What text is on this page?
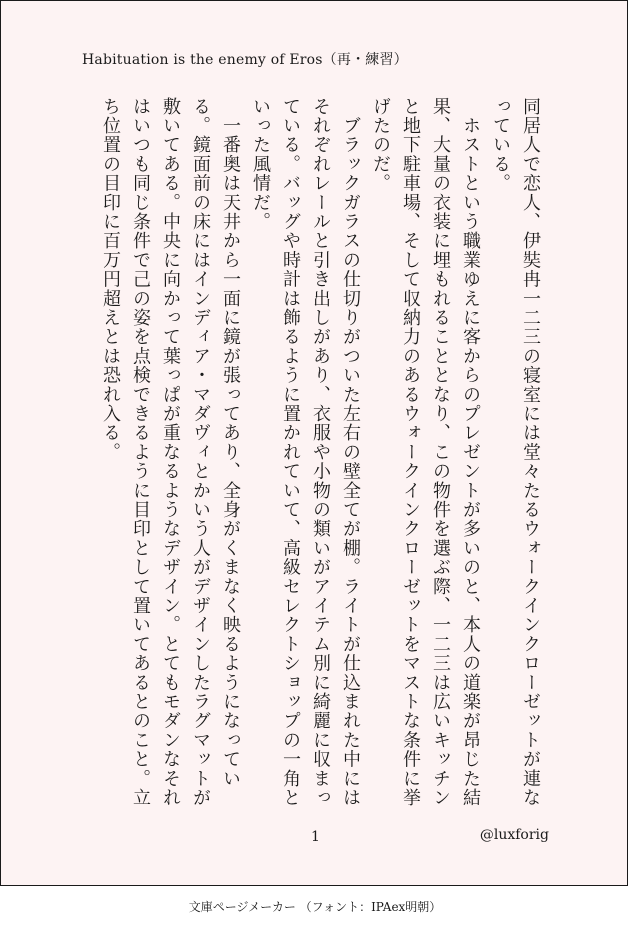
Habituation is the enemy of Eros（再・練習）

同居人で恋人、伊奘冉一二三の寝室には堂々たるウォークインクローゼットが連なっている。

　ホストという職業ゆえに客からのプレゼントが多いのと、本人の道楽が昂じた結果、大量の衣装に埋もれることとなり、この物件を選ぶ際、一二三は広いキッチンと地下駐車場、そして収納力のあるウォークインクローゼットをマストな条件に挙げたのだ。

　ブラックガラスの仕切りがついた左右の壁全てが棚。ライトが仕込まれた中にはそれぞれレールと引き出しがあり、衣服や小物の類いがアイテム別に綺麗に収まっている。バッグや時計は飾るように置かれていて、高級セレクトショップの一角といった風情だ。

　一番奥は天井から一面に鏡が張ってあり、全身がくまなく映るようになっている。鏡面前の床にはインディア・マダヴィとかいう人がデザインしたラグマットが敷いてある。中央に向かって葉っぱが重なるようなデザイン。とてもモダンなそれはいつも同じ条件で己の姿を点検できるように目印として置いてあるとのこと。立ち位置の目印に百万円超えとは恐れ入る。

1	@luxforig
文庫ページメーカー （フォント：IPAex明朝）
